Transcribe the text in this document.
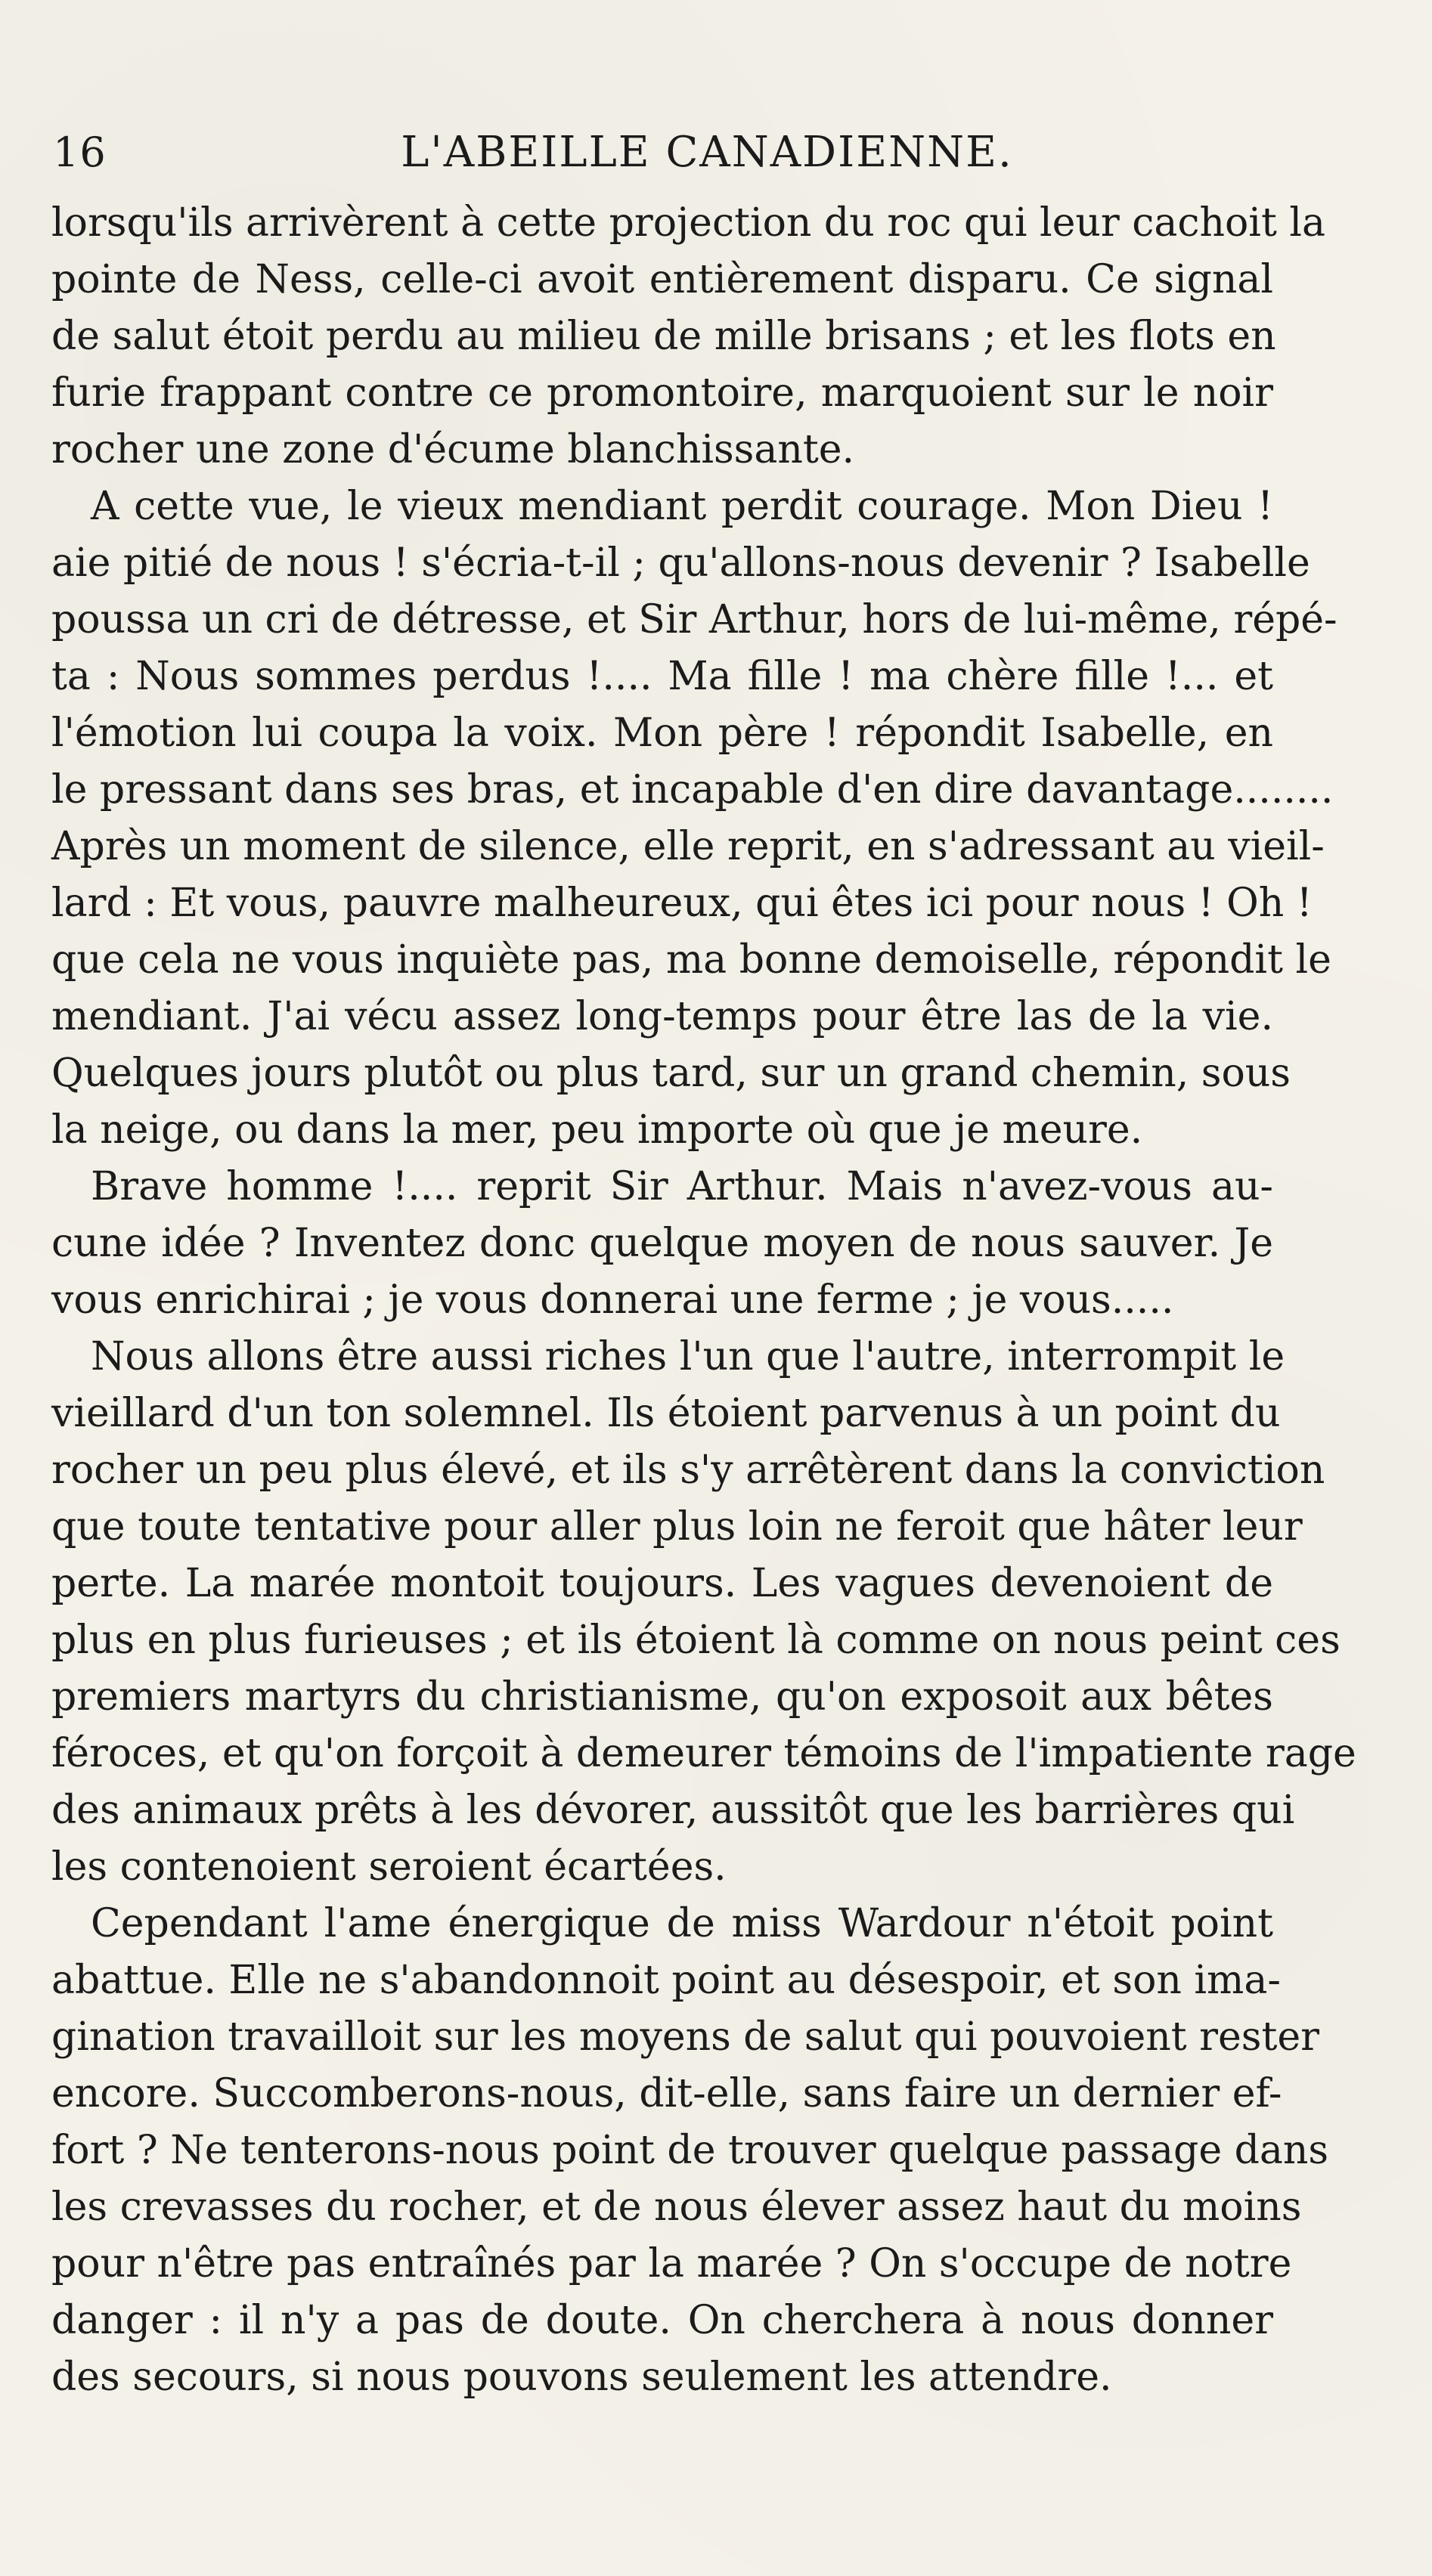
16	L'ABEILLE CANADIENNE.
lorsqu'ils arrivèrent à cette projection du roc qui leur cachoit la
pointe de Ness, celle-ci avoit entièrement disparu. Ce signal
de salut étoit perdu au milieu de mille brisans ; et les flots en
furie frappant contre ce promontoire, marquoient sur le noir
rocher une zone d'écume blanchissante.
A cette vue, le vieux mendiant perdit courage. Mon Dieu !
aie pitié de nous ! s'écria-t-il ; qu'allons-nous devenir ? Isabelle
poussa un cri de détresse, et Sir Arthur, hors de lui-même, répé-
ta : Nous sommes perdus !.... Ma fille ! ma chère fille !... et
l'émotion lui coupa la voix. Mon père ! répondit Isabelle, en
le pressant dans ses bras, et incapable d'en dire davantage........
Après un moment de silence, elle reprit, en s'adressant au vieil-
lard : Et vous, pauvre malheureux, qui êtes ici pour nous ! Oh !
que cela ne vous inquiète pas, ma bonne demoiselle, répondit le
mendiant. J'ai vécu assez long-temps pour être las de la vie.
Quelques jours plutôt ou plus tard, sur un grand chemin, sous
la neige, ou dans la mer, peu importe où que je meure.
Brave homme !.... reprit Sir Arthur. Mais n'avez-vous au-
cune idée ? Inventez donc quelque moyen de nous sauver. Je
vous enrichirai ; je vous donnerai une ferme ; je vous.....
Nous allons être aussi riches l'un que l'autre, interrompit le
vieillard d'un ton solemnel. Ils étoient parvenus à un point du
rocher un peu plus élevé, et ils s'y arrêtèrent dans la conviction
que toute tentative pour aller plus loin ne feroit que hâter leur
perte. La marée montoit toujours. Les vagues devenoient de
plus en plus furieuses ; et ils étoient là comme on nous peint ces
premiers martyrs du christianisme, qu'on exposoit aux bêtes
féroces, et qu'on forçoit à demeurer témoins de l'impatiente rage
des animaux prêts à les dévorer, aussitôt que les barrières qui
les contenoient seroient écartées.
Cependant l'ame énergique de miss Wardour n'étoit point
abattue. Elle ne s'abandonnoit point au désespoir, et son ima-
gination travailloit sur les moyens de salut qui pouvoient rester
encore. Succomberons-nous, dit-elle, sans faire un dernier ef-
fort ? Ne tenterons-nous point de trouver quelque passage dans
les crevasses du rocher, et de nous élever assez haut du moins
pour n'être pas entraînés par la marée ? On s'occupe de notre
danger : il n'y a pas de doute. On cherchera à nous donner
des secours, si nous pouvons seulement les attendre.
